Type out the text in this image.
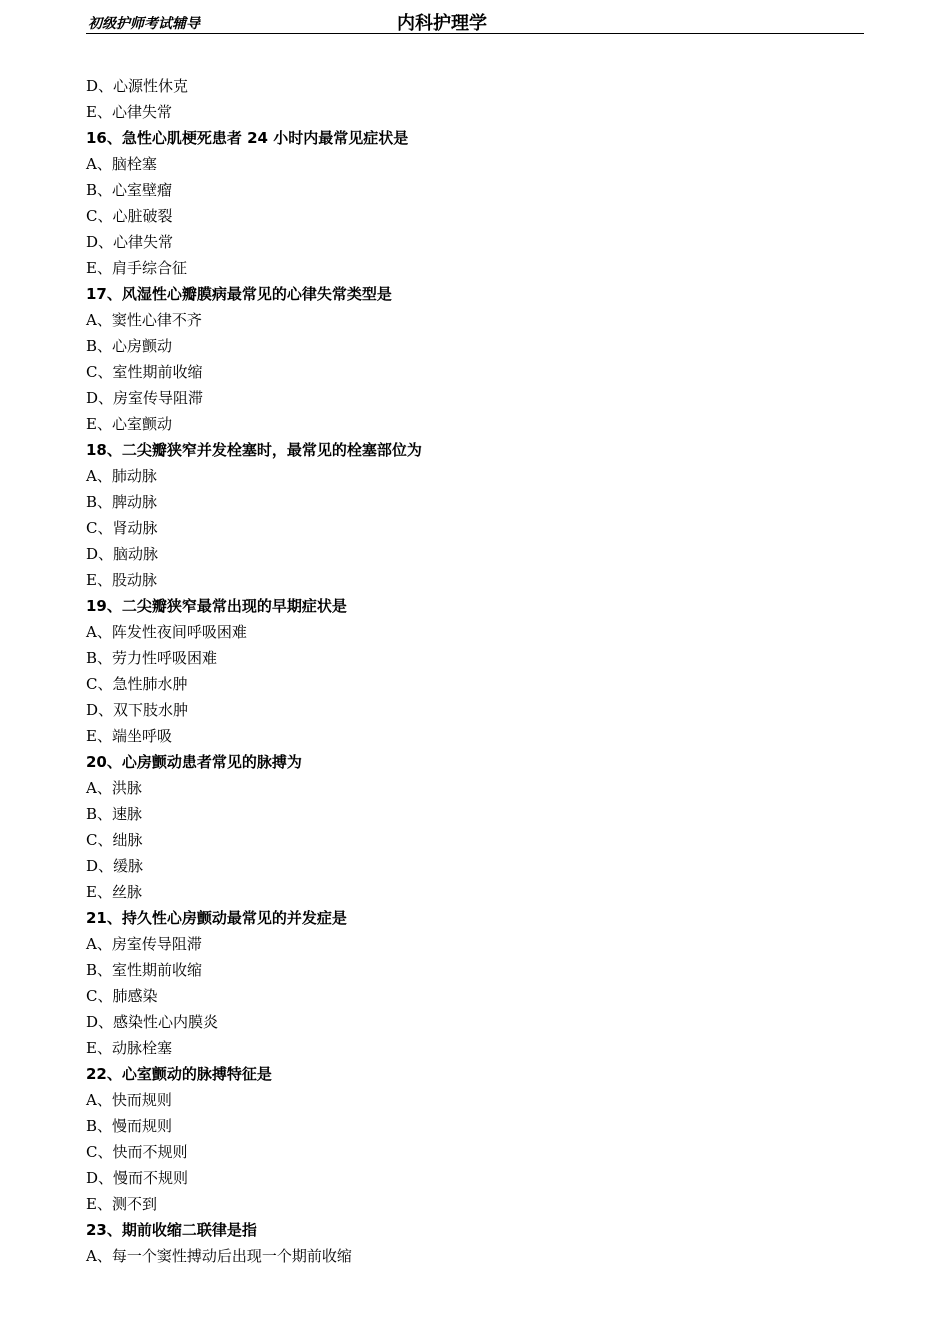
初级护师考试辅导	内科护理学
D、心源性休克
E、心律失常
16、急性心肌梗死患者 24 小时内最常见症状是
A、脑栓塞
B、心室壁瘤
C、心脏破裂
D、心律失常
E、肩手综合征
17、风湿性心瓣膜病最常见的心律失常类型是
A、窦性心律不齐
B、心房颤动
C、室性期前收缩
D、房室传导阻滞
E、心室颤动
18、二尖瓣狭窄并发栓塞时，最常见的栓塞部位为
A、肺动脉
B、脾动脉
C、肾动脉
D、脑动脉
E、股动脉
19、二尖瓣狭窄最常出现的早期症状是
A、阵发性夜间呼吸困难
B、劳力性呼吸困难
C、急性肺水肿
D、双下肢水肿
E、端坐呼吸
20、心房颤动患者常见的脉搏为
A、洪脉
B、速脉
C、绌脉
D、缓脉
E、丝脉
21、持久性心房颤动最常见的并发症是
A、房室传导阻滞
B、室性期前收缩
C、肺感染
D、感染性心内膜炎
E、动脉栓塞
22、心室颤动的脉搏特征是
A、快而规则
B、慢而规则
C、快而不规则
D、慢而不规则
E、测不到
23、期前收缩二联律是指
A、每一个窦性搏动后出现一个期前收缩
